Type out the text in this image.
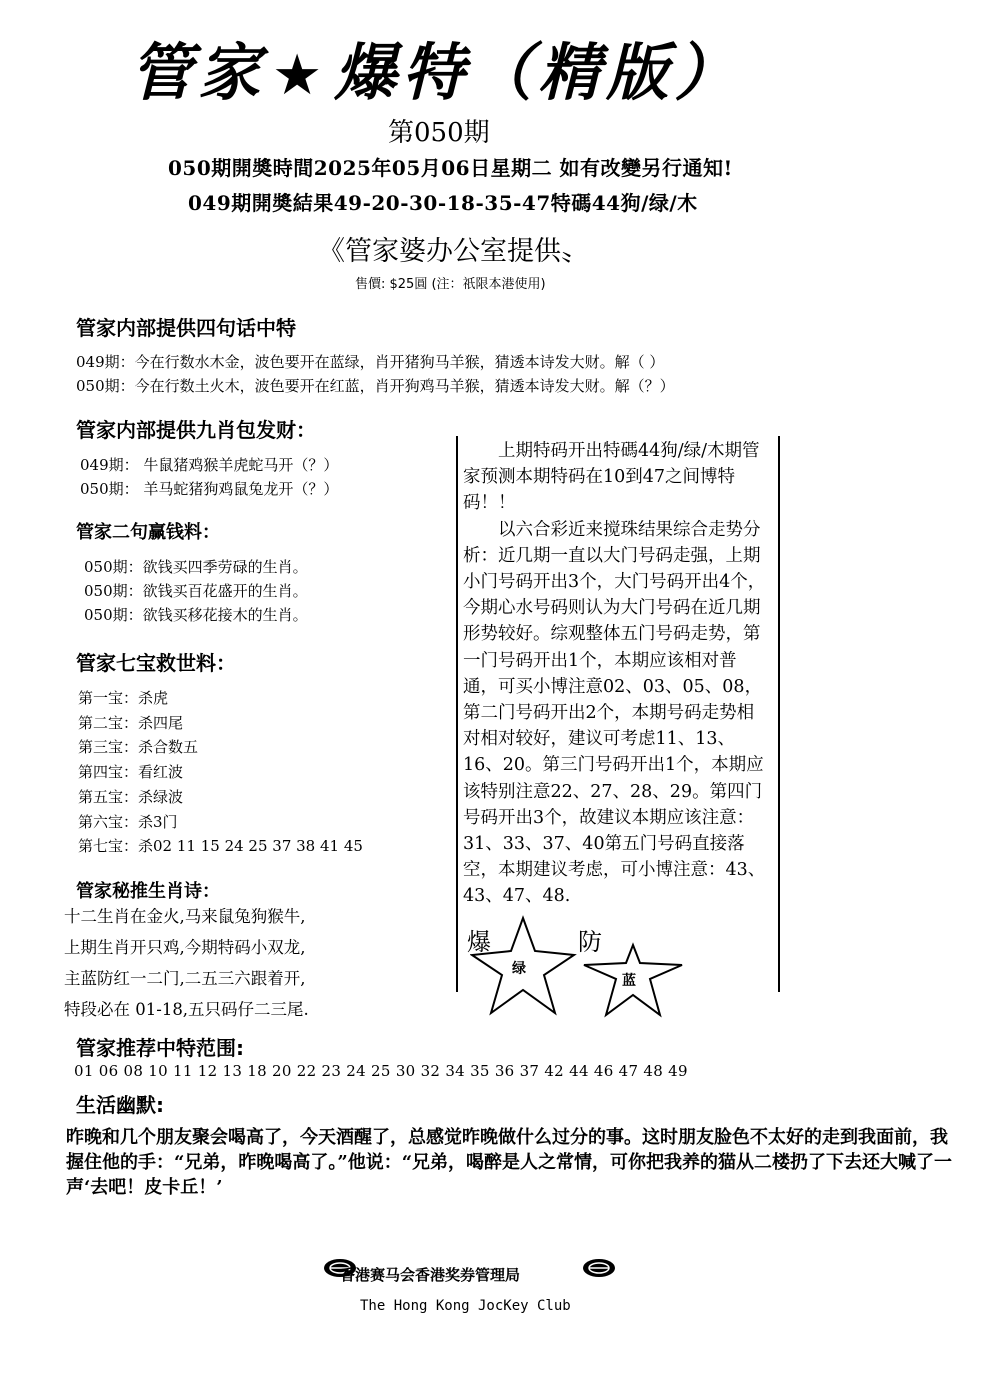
管家 ★爆特（精版）
第050期
050期開奬時間2025年05月06日星期二 如有改變另行通知!
049期開奬結果49-20-30-18-35-47特碼44狗/绿/木
《管家婆办公室提供〟
售價: $25圓 (注：祇限本港使用)
管家内部提供四句话中特
049期：今在行数水木金，波色要开在蓝绿，肖开猪狗马羊猴，猜透本诗发大财。解（ ）
050期：今在行数土火木，波色要开在红蓝，肖开狗鸡马羊猴，猜透本诗发大财。解（？）
管家内部提供九肖包发财：
049期： 牛鼠猪鸡猴羊虎蛇马开（？）
050期： 羊马蛇猪狗鸡鼠兔龙开（？）
管家二句赢钱料：
050期：欲钱买四季劳碌的生肖。
050期：欲钱买百花盛开的生肖。
050期：欲钱买移花接木的生肖。
管家七宝救世料：
第一宝：杀虎
第二宝：杀四尾
第三宝：杀合数五
第四宝：看红波
第五宝：杀绿波
第六宝：杀3门
第七宝：杀02 11 15 24 25 37 38 41 45
管家秘推生肖诗：
十二生肖在金火,马来鼠兔狗猴牛,
上期生肖开只鸡,今期特码小双龙,
主蓝防红一二门,二五三六跟着开,
特段必在 01-18,五只码仔二三尾.

上期特码开出特碼44狗/绿/木期管家预测本期特码在10到47之间博特码！！

以六合彩近来搅珠结果综合走势分析：近几期一直以大门号码走强，上期小门号码开出3个，大门号码开出4个，今期心水号码则认为大门号码在近几期形势较好。综观整体五门号码走势，第一门号码开出1个，本期应该相对普通，可买小博注意02、03、05、08，第二门号码开出2个，本期号码走势相对相对较好，建议可考虑11、13、16、20。第三门号码开出1个，本期应该特别注意22、27、28、29。第四门号码开出3个，故建议本期应该注意：31、33、37、40第五门号码直接落空，本期建议考虑，可小博注意：43、43、47、48.

爆	防
绿
蓝
管家推荐中特范围:
01 06 08 10 11 12 13 18 20 22 23 24 25 30 32 34 35 36 37 42 44 46 47 48 49
生活幽默:
昨晚和几个朋友聚会喝高了，今天酒醒了，总感觉昨晚做什么过分的事。这时朋友脸色不太好的走到我面前，我握住他的手：“兄弟，昨晚喝高了。”他说：“兄弟，喝醉是人之常情，可你把我养的猫从二楼扔了下去还大喊了一声‘去吧！皮卡丘！’
香港赛马会香港奖券管理局
The Hong Kong JocKey Club
